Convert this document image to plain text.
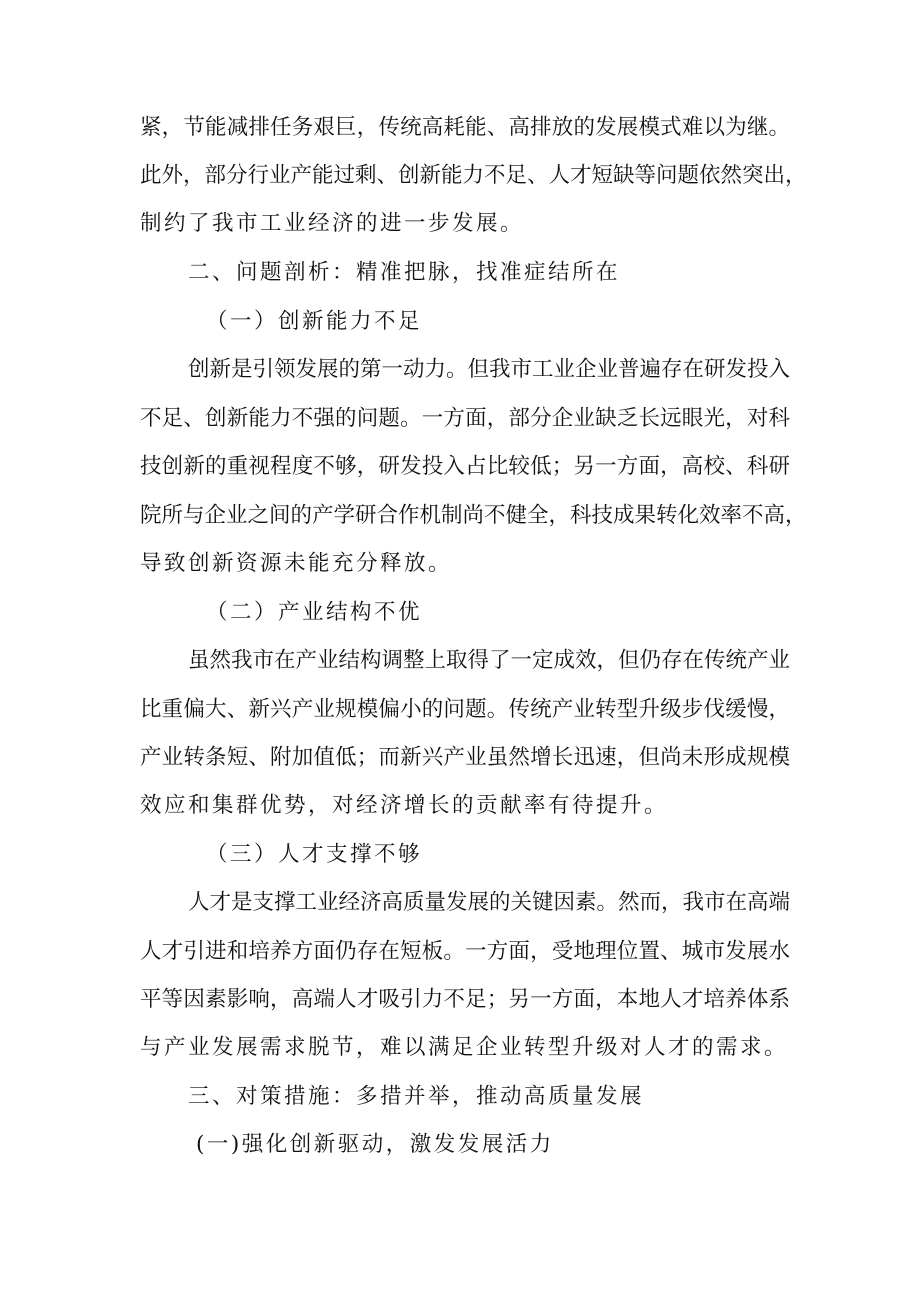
紧，节能减排任务艰巨，传统高耗能、高排放的发展模式难以为继。
此外，部分行业产能过剩、创新能力不足、人才短缺等问题依然突出，
制约了我市工业经济的进一步发展。
二、问题剖析：精准把脉，找准症结所在
（一）创新能力不足
创新是引领发展的第一动力。但我市工业企业普遍存在研发投入
不足、创新能力不强的问题。一方面，部分企业缺乏长远眼光，对科
技创新的重视程度不够，研发投入占比较低；另一方面，高校、科研
院所与企业之间的产学研合作机制尚不健全，科技成果转化效率不高，
导致创新资源未能充分释放。
（二）产业结构不优
虽然我市在产业结构调整上取得了一定成效，但仍存在传统产业
比重偏大、新兴产业规模偏小的问题。传统产业转型升级步伐缓慢，
产业转条短、附加值低；而新兴产业虽然增长迅速，但尚未形成规模
效应和集群优势，对经济增长的贡献率有待提升。
（三）人才支撑不够
人才是支撑工业经济高质量发展的关键因素。然而，我市在高端
人才引进和培养方面仍存在短板。一方面，受地理位置、城市发展水
平等因素影响，高端人才吸引力不足；另一方面，本地人才培养体系
与产业发展需求脱节，难以满足企业转型升级对人才的需求。
三、对策措施：多措并举，推动高质量发展
(一)强化创新驱动，激发发展活力
